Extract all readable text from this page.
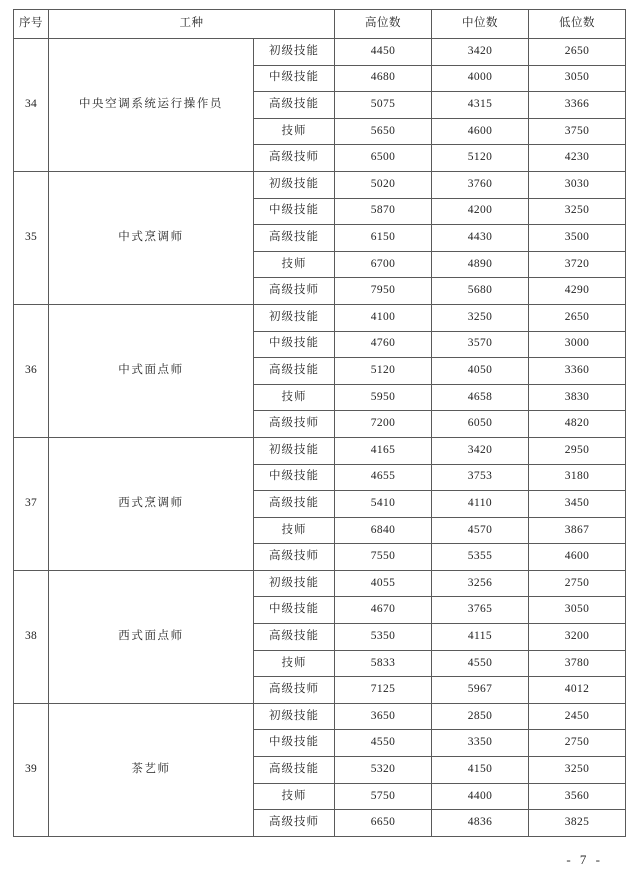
序号	工种		高位数	中位数	低位数
34	中央空调系统运行操作员	初级技能	4450	3420	2650
		中级技能	4680	4000	3050
		高级技能	5075	4315	3366
		技师	5650	4600	3750
		高级技师	6500	5120	4230
35	中式烹调师	初级技能	5020	3760	3030
		中级技能	5870	4200	3250
		高级技能	6150	4430	3500
		技师	6700	4890	3720
		高级技师	7950	5680	4290
36	中式面点师	初级技能	4100	3250	2650
		中级技能	4760	3570	3000
		高级技能	5120	4050	3360
		技师	5950	4658	3830
		高级技师	7200	6050	4820
37	西式烹调师	初级技能	4165	3420	2950
		中级技能	4655	3753	3180
		高级技能	5410	4110	3450
		技师	6840	4570	3867
		高级技师	7550	5355	4600
38	西式面点师	初级技能	4055	3256	2750
		中级技能	4670	3765	3050
		高级技能	5350	4115	3200
		技师	5833	4550	3780
		高级技师	7125	5967	4012
39	茶艺师	初级技能	3650	2850	2450
		中级技能	4550	3350	2750
		高级技能	5320	4150	3250
		技师	5750	4400	3560
		高级技师	6650	4836	3825
- 7 -
